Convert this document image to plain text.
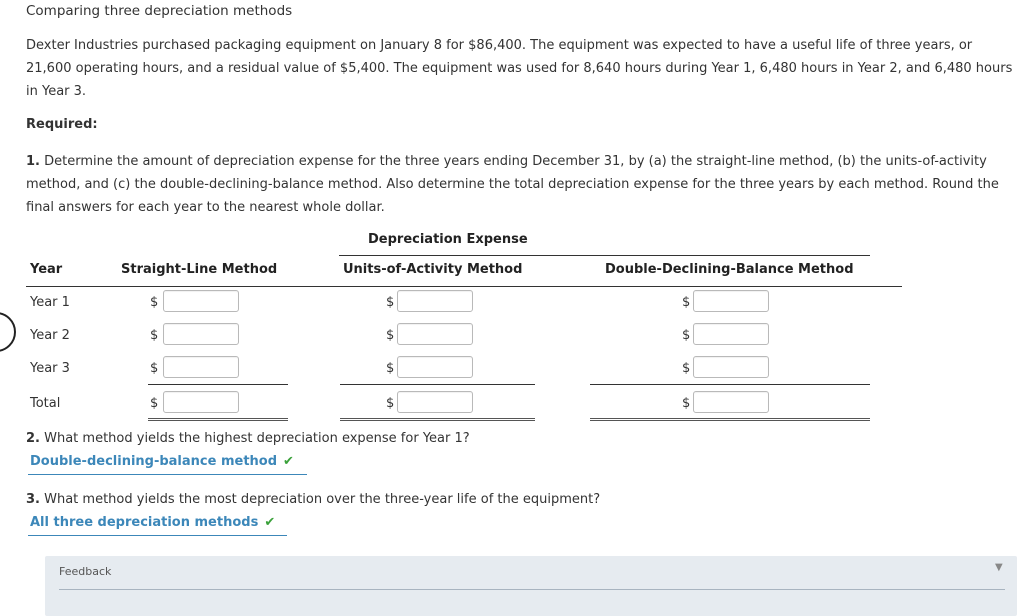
Comparing three depreciation methods
Dexter Industries purchased packaging equipment on January 8 for $86,400. The equipment was expected to have a useful life of three years, or 21,600 operating hours, and a residual value of $5,400. The equipment was used for 8,640 hours during Year 1, 6,480 hours in Year 2, and 6,480 hours in Year 3.
Required:
1. Determine the amount of depreciation expense for the three years ending December 31, by (a) the straight-line method, (b) the units-of-activity method, and (c) the double-declining-balance method. Also determine the total depreciation expense for the three years by each method. Round the final answers for each year to the nearest whole dollar.
Depreciation Expense
Year	Straight-Line Method	Units-of-Activity Method	Double-Declining-Balance Method
Year 1	$	$	$
Year 2	$	$	$
Year 3	$	$	$
Total	$	$	$
2. What method yields the highest depreciation expense for Year 1?
Double-declining-balance method ✔
3. What method yields the most depreciation over the three-year life of the equipment?
All three depreciation methods ✔
Feedback	▼
